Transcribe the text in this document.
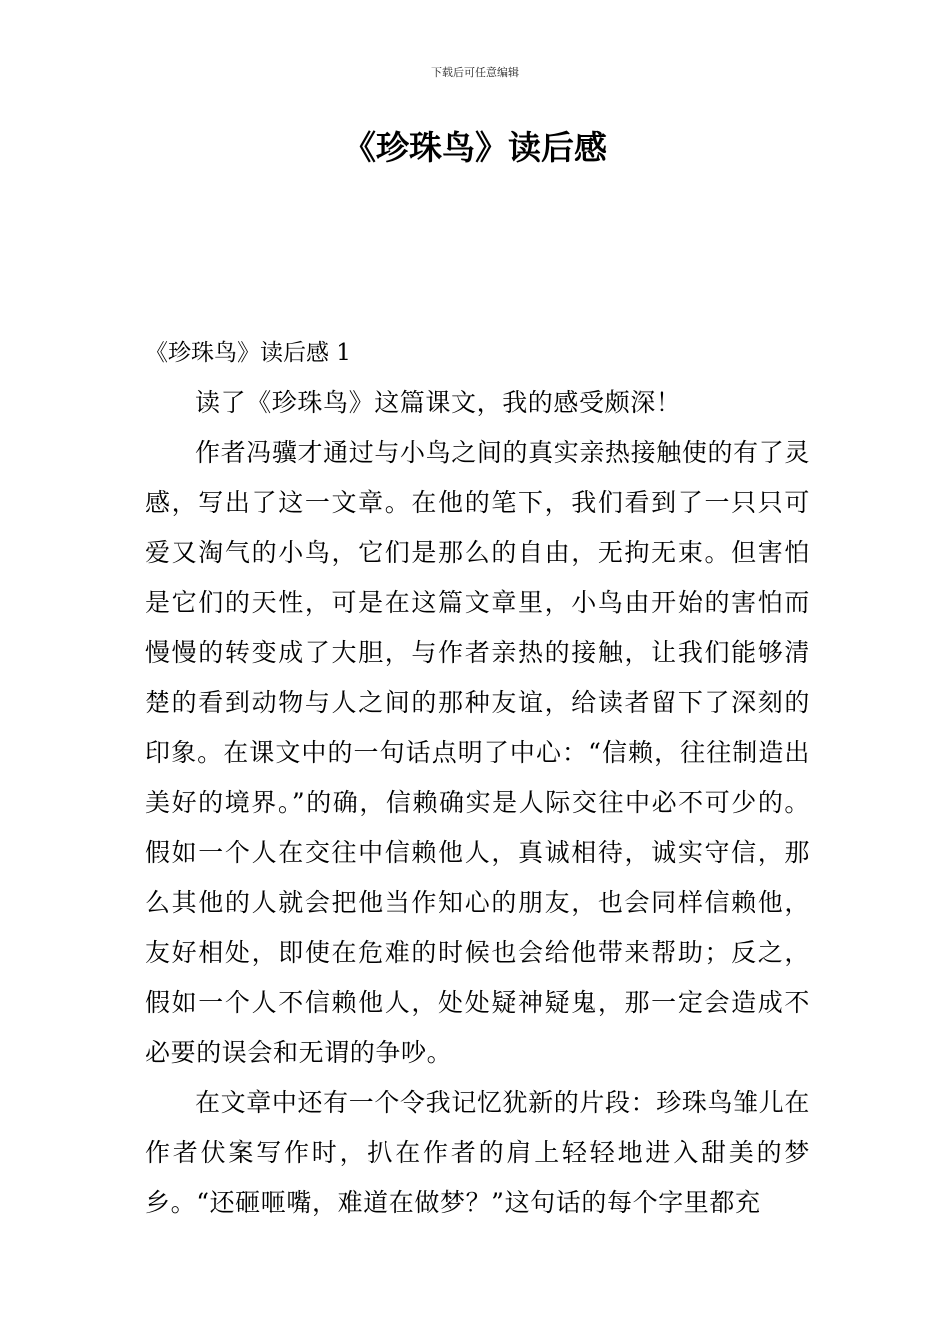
下载后可任意编辑
《珍珠鸟》读后感
《珍珠鸟》读后感 1

读了《珍珠鸟》这篇课文，我的感受颇深！

作者冯骥才通过与小鸟之间的真实亲热接触使的有了灵感，写出了这一文章。在他的笔下，我们看到了一只只可爱又淘气的小鸟，它们是那么的自由，无拘无束。但害怕是它们的天性，可是在这篇文章里，小鸟由开始的害怕而慢慢的转变成了大胆，与作者亲热的接触，让我们能够清楚的看到动物与人之间的那种友谊，给读者留下了深刻的印象。在课文中的一句话点明了中心：“信赖，往往制造出美好的境界。”的确，信赖确实是人际交往中必不可少的。假如一个人在交往中信赖他人，真诚相待，诚实守信，那么其他的人就会把他当作知心的朋友，也会同样信赖他，友好相处，即使在危难的时候也会给他带来帮助；反之，假如一个人不信赖他人，处处疑神疑鬼，那一定会造成不必要的误会和无谓的争吵。

在文章中还有一个令我记忆犹新的片段：珍珠鸟雏儿在作者伏案写作时，扒在作者的肩上轻轻地进入甜美的梦乡。“还砸咂嘴，难道在做梦？”这句话的每个字里都充
